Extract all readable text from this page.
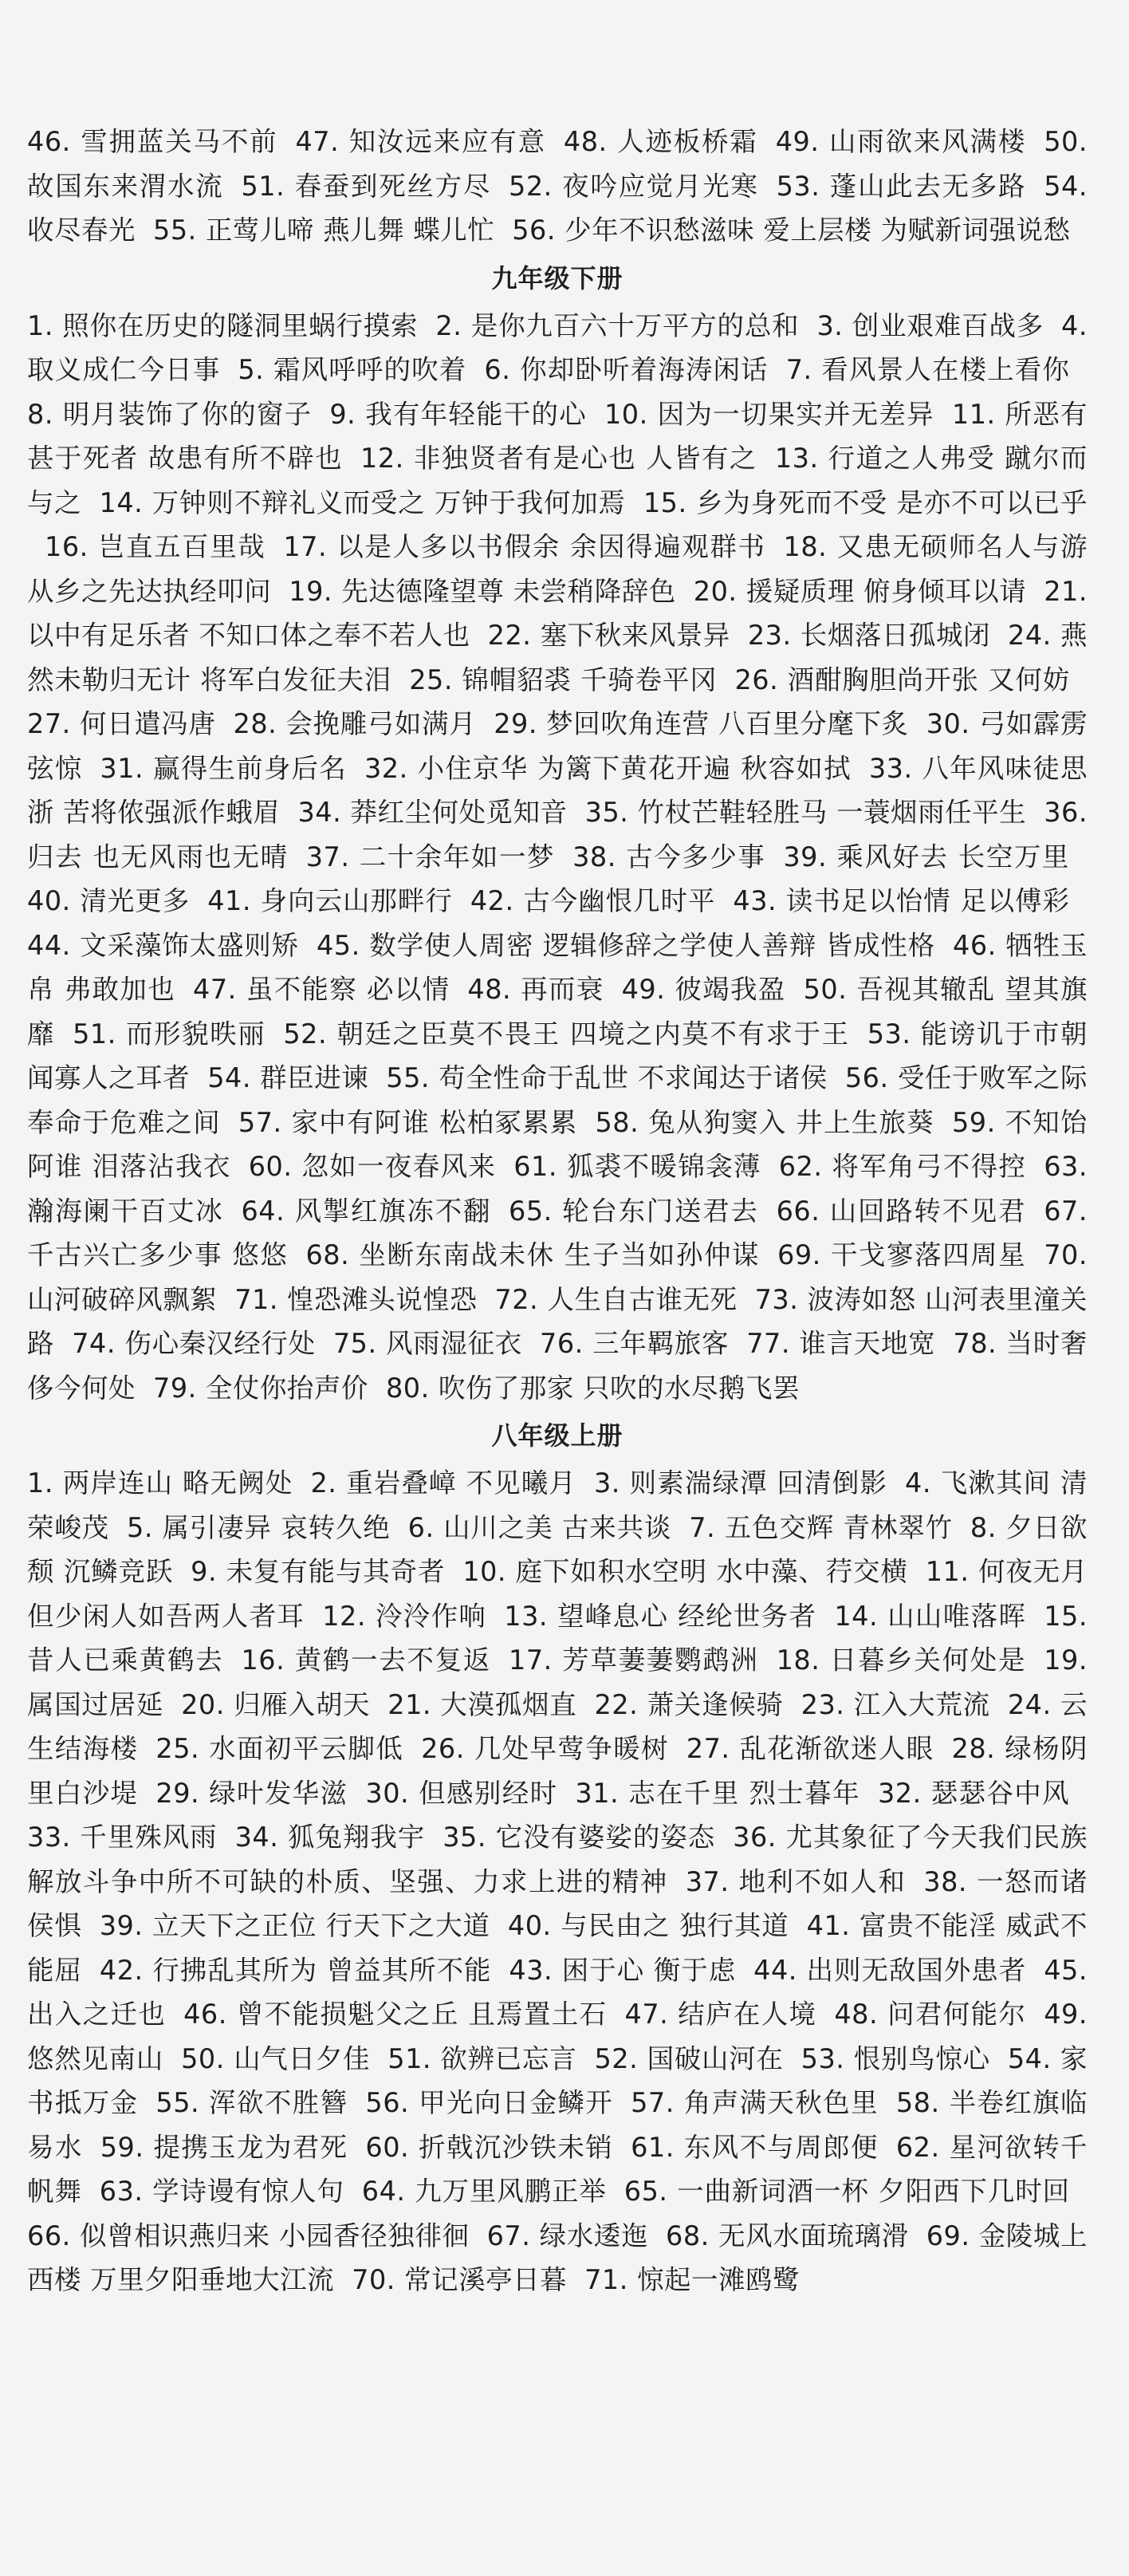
46. 雪拥蓝关马不前 47. 知汝远来应有意 48. 人迹板桥霜 49. 山雨欲来风满楼 50. 故国东来渭水流 51. 春蚕到死丝方尽 52. 夜吟应觉月光寒 53. 蓬山此去无多路 54. 收尽春光 55. 正莺儿啼 燕儿舞 蝶儿忙 56. 少年不识愁滋味 爱上层楼 为赋新词强说愁
九年级下册
1. 照你在历史的隧洞里蜗行摸索 2. 是你九百六十万平方的总和 3. 创业艰难百战多 4. 取义成仁今日事 5. 霜风呼呼的吹着 6. 你却卧听着海涛闲话 7. 看风景人在楼上看你8. 明月装饰了你的窗子 9. 我有年轻能干的心 10. 因为一切果实并无差异 11. 所恶有甚于死者 故患有所不辟也 12. 非独贤者有是心也 人皆有之 13. 行道之人弗受 蹴尔而与之 14. 万钟则不辩礼义而受之 万钟于我何加焉 15. 乡为身死而不受 是亦不可以已乎16. 岂直五百里哉 17. 以是人多以书假余 余因得遍观群书 18. 又患无硕师名人与游 从乡之先达执经叩问 19. 先达德隆望尊 未尝稍降辞色 20. 援疑质理 俯身倾耳以请 21. 以中有足乐者 不知口体之奉不若人也 22. 塞下秋来风景异 23. 长烟落日孤城闭 24. 燕然未勒归无计 将军白发征夫泪 25. 锦帽貂裘 千骑卷平冈 26. 酒酣胸胆尚开张 又何妨27. 何日遣冯唐 28. 会挽雕弓如满月 29. 梦回吹角连营 八百里分麾下炙 30. 弓如霹雳弦惊 31. 赢得生前身后名 32. 小住京华 为篱下黄花开遍 秋容如拭 33. 八年风味徒思浙 苦将侬强派作蛾眉 34. 莽红尘何处觅知音 35. 竹杖芒鞋轻胜马 一蓑烟雨任平生 36. 归去 也无风雨也无晴 37. 二十余年如一梦 38. 古今多少事 39. 乘风好去 长空万里40. 清光更多 41. 身向云山那畔行 42. 古今幽恨几时平 43. 读书足以怡情 足以傅彩44. 文采藻饰太盛则矫 45. 数学使人周密 逻辑修辞之学使人善辩 皆成性格 46. 牺牲玉帛 弗敢加也 47. 虽不能察 必以情 48. 再而衰 49. 彼竭我盈 50. 吾视其辙乱 望其旗靡 51. 而形貌昳丽 52. 朝廷之臣莫不畏王 四境之内莫不有求于王 53. 能谤讥于市朝 闻寡人之耳者 54. 群臣进谏 55. 苟全性命于乱世 不求闻达于诸侯 56. 受任于败军之际 奉命于危难之间 57. 家中有阿谁 松柏冢累累 58. 兔从狗窦入 井上生旅葵 59. 不知饴阿谁 泪落沾我衣 60. 忽如一夜春风来 61. 狐裘不暖锦衾薄 62. 将军角弓不得控 63. 瀚海阑干百丈冰 64. 风掣红旗冻不翻 65. 轮台东门送君去 66. 山回路转不见君 67. 千古兴亡多少事 悠悠 68. 坐断东南战未休 生子当如孙仲谋 69. 干戈寥落四周星 70. 山河破碎风飘絮 71. 惶恐滩头说惶恐 72. 人生自古谁无死 73. 波涛如怒 山河表里潼关路 74. 伤心秦汉经行处 75. 风雨湿征衣 76. 三年羁旅客 77. 谁言天地宽 78. 当时奢侈今何处 79. 全仗你抬声价 80. 吹伤了那家 只吹的水尽鹅飞罢
八年级上册
1. 两岸连山 略无阙处 2. 重岩叠嶂 不见曦月 3. 则素湍绿潭 回清倒影 4. 飞漱其间 清荣峻茂 5. 属引凄异 哀转久绝 6. 山川之美 古来共谈 7. 五色交辉 青林翠竹 8. 夕日欲颓 沉鳞竞跃 9. 未复有能与其奇者 10. 庭下如积水空明 水中藻、荇交横 11. 何夜无月 但少闲人如吾两人者耳 12. 泠泠作响 13. 望峰息心 经纶世务者 14. 山山唯落晖 15. 昔人已乘黄鹤去 16. 黄鹤一去不复返 17. 芳草萋萋鹦鹉洲 18. 日暮乡关何处是 19. 属国过居延 20. 归雁入胡天 21. 大漠孤烟直 22. 萧关逢候骑 23. 江入大荒流 24. 云生结海楼 25. 水面初平云脚低 26. 几处早莺争暖树 27. 乱花渐欲迷人眼 28. 绿杨阴里白沙堤 29. 绿叶发华滋 30. 但感别经时 31. 志在千里 烈士暮年 32. 瑟瑟谷中风33. 千里殊风雨 34. 狐兔翔我宇 35. 它没有婆娑的姿态 36. 尤其象征了今天我们民族解放斗争中所不可缺的朴质、坚强、力求上进的精神 37. 地利不如人和 38. 一怒而诸侯惧 39. 立天下之正位 行天下之大道 40. 与民由之 独行其道 41. 富贵不能淫 威武不能屈 42. 行拂乱其所为 曾益其所不能 43. 困于心 衡于虑 44. 出则无敌国外患者 45. 出入之迁也 46. 曾不能损魁父之丘 且焉置土石 47. 结庐在人境 48. 问君何能尔 49. 悠然见南山 50. 山气日夕佳 51. 欲辨已忘言 52. 国破山河在 53. 恨别鸟惊心 54. 家书抵万金 55. 浑欲不胜簪 56. 甲光向日金鳞开 57. 角声满天秋色里 58. 半卷红旗临易水 59. 提携玉龙为君死 60. 折戟沉沙铁未销 61. 东风不与周郎便 62. 星河欲转千帆舞 63. 学诗谩有惊人句 64. 九万里风鹏正举 65. 一曲新词酒一杯 夕阳西下几时回66. 似曾相识燕归来 小园香径独徘徊 67. 绿水逶迤 68. 无风水面琉璃滑 69. 金陵城上西楼 万里夕阳垂地大江流 70. 常记溪亭日暮 71. 惊起一滩鸥鹭
